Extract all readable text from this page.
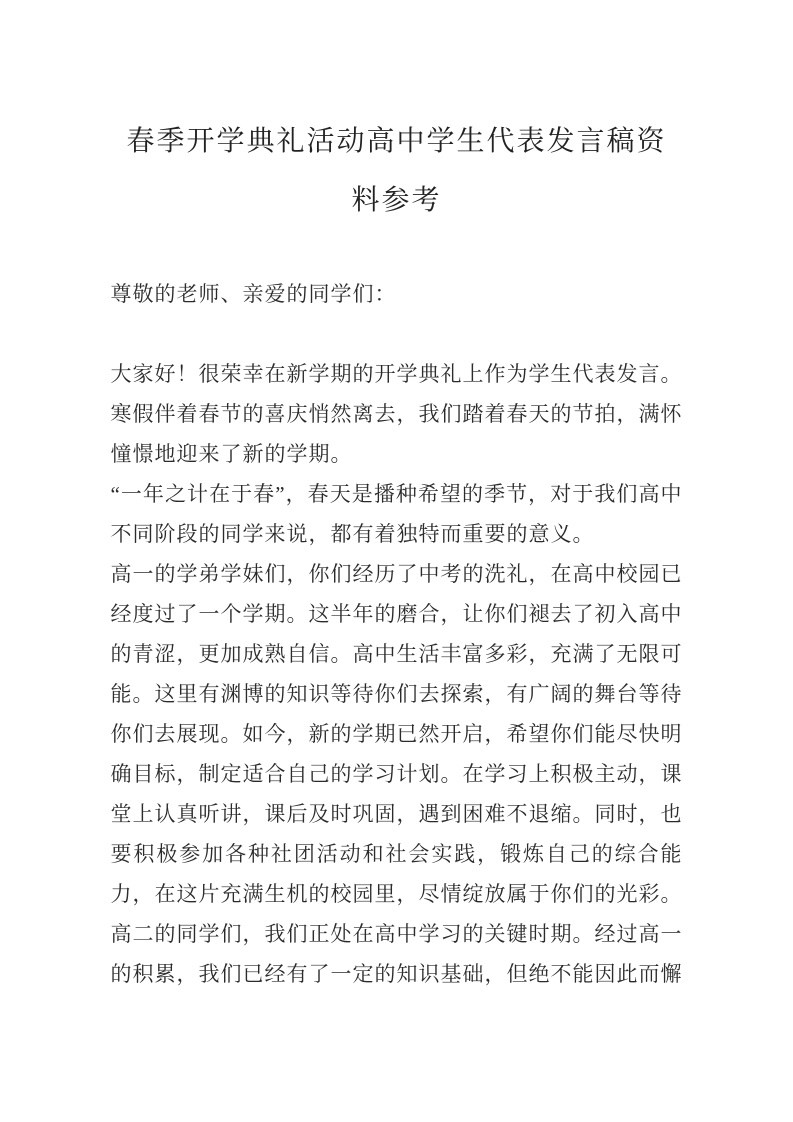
春季开学典礼活动高中学生代表发言稿资料参考

尊敬的老师、亲爱的同学们：

大家好！很荣幸在新学期的开学典礼上作为学生代表发言。寒假伴着春节的喜庆悄然离去，我们踏着春天的节拍，满怀憧憬地迎来了新的学期。

“一年之计在于春”，春天是播种希望的季节，对于我们高中不同阶段的同学来说，都有着独特而重要的意义。

高一的学弟学妹们，你们经历了中考的洗礼，在高中校园已经度过了一个学期。这半年的磨合，让你们褪去了初入高中的青涩，更加成熟自信。高中生活丰富多彩，充满了无限可能。这里有渊博的知识等待你们去探索，有广阔的舞台等待你们去展现。如今，新的学期已然开启，希望你们能尽快明确目标，制定适合自己的学习计划。在学习上积极主动，课堂上认真听讲，课后及时巩固，遇到困难不退缩。同时，也要积极参加各种社团活动和社会实践，锻炼自己的综合能力，在这片充满生机的校园里，尽情绽放属于你们的光彩。

高二的同学们，我们正处在高中学习的关键时期。经过高一的积累，我们已经有了一定的知识基础，但绝不能因此而懈
